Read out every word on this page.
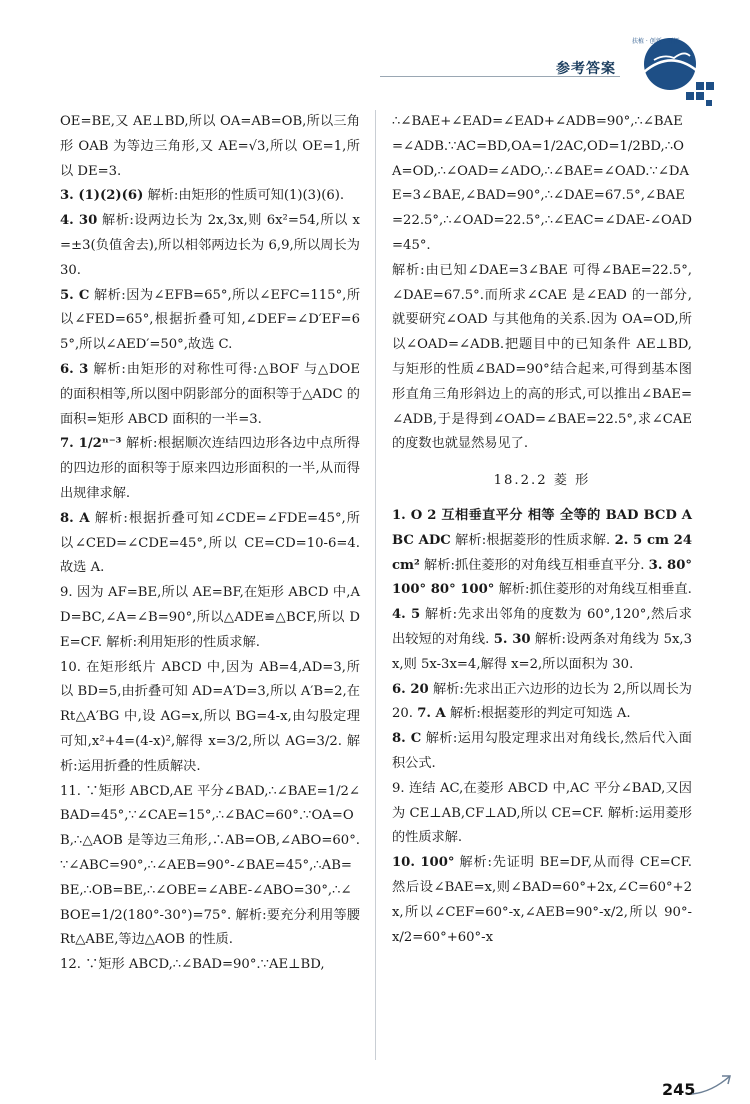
参考答案
扶植 · 创新 · 开拓

OE=BE,又 AE⊥BD,所以 OA=AB=OB,所以三角形 OAB 为等边三角形,又 AE=√3,所以 OE=1,所以 DE=3.

3. (1)(2)(6) 解析:由矩形的性质可知(1)(3)(6).

4. 30 解析:设两边长为 2x,3x,则 6x²=54,所以 x=±3(负值舍去),所以相邻两边长为 6,9,所以周长为 30.

5. C 解析:因为∠EFB=65°,所以∠EFC=115°,所以∠FED=65°,根据折叠可知,∠DEF=∠D′EF=65°,所以∠AED′=50°,故选 C.

6. 3 解析:由矩形的对称性可得:△BOF 与△DOE 的面积相等,所以图中阴影部分的面积等于△ADC 的面积=矩形 ABCD 面积的一半=3.

7. 1/2ⁿ⁻³ 解析:根据顺次连结四边形各边中点所得的四边形的面积等于原来四边形面积的一半,从而得出规律求解.

8. A 解析:根据折叠可知∠CDE=∠FDE=45°,所以∠CED=∠CDE=45°,所以 CE=CD=10-6=4.故选 A.

9. 因为 AF=BE,所以 AE=BF,在矩形 ABCD 中,AD=BC,∠A=∠B=90°,所以△ADE≌△BCF,所以 DE=CF. 解析:利用矩形的性质求解.

10. 在矩形纸片 ABCD 中,因为 AB=4,AD=3,所以 BD=5,由折叠可知 AD=A′D=3,所以 A′B=2,在 Rt△A′BG 中,设 AG=x,所以 BG=4-x,由勾股定理可知,x²+4=(4-x)²,解得 x=3/2,所以 AG=3/2. 解析:运用折叠的性质解决.

11. ∵矩形 ABCD,AE 平分∠BAD,∴∠BAE=1/2∠BAD=45°,∵∠CAE=15°,∴∠BAC=60°.∵OA=OB,∴△AOB 是等边三角形,∴AB=OB,∠ABO=60°.∵∠ABC=90°,∴∠AEB=90°-∠BAE=45°,∴AB=BE,∴OB=BE,∴∠OBE=∠ABE-∠ABO=30°,∴∠BOE=1/2(180°-30°)=75°. 解析:要充分利用等腰 Rt△ABE,等边△AOB 的性质.

12. ∵矩形 ABCD,∴∠BAD=90°.∵AE⊥BD,

∴∠BAE+∠EAD=∠EAD+∠ADB=90°,∴∠BAE=∠ADB.∵AC=BD,OA=1/2AC,OD=1/2BD,∴OA=OD,∴∠OAD=∠ADO,∴∠BAE=∠OAD.∵∠DAE=3∠BAE,∠BAD=90°,∴∠DAE=67.5°,∠BAE=22.5°,∴∠OAD=22.5°,∴∠EAC=∠DAE-∠OAD=45°.

解析:由已知∠DAE=3∠BAE 可得∠BAE=22.5°,∠DAE=67.5°.而所求∠CAE 是∠EAD 的一部分,就要研究∠OAD 与其他角的关系.因为 OA=OD,所以∠OAD=∠ADB.把题目中的已知条件 AE⊥BD,与矩形的性质∠BAD=90°结合起来,可得到基本图形直角三角形斜边上的高的形式,可以推出∠BAE=∠ADB,于是得到∠OAD=∠BAE=22.5°,求∠CAE 的度数也就显然易见了.

18.2.2 菱 形

1. O 2 互相垂直平分 相等 全等的 BAD BCD ABC ADC 解析:根据菱形的性质求解. 2. 5 cm 24 cm² 解析:抓住菱形的对角线互相垂直平分. 3. 80° 100° 80° 100° 解析:抓住菱形的对角线互相垂直.

4. 5 解析:先求出邻角的度数为 60°,120°,然后求出较短的对角线. 5. 30 解析:设两条对角线为 5x,3x,则 5x-3x=4,解得 x=2,所以面积为 30.

6. 20 解析:先求出正六边形的边长为 2,所以周长为 20. 7. A 解析:根据菱形的判定可知选 A.

8. C 解析:运用勾股定理求出对角线长,然后代入面积公式.

9. 连结 AC,在菱形 ABCD 中,AC 平分∠BAD,又因为 CE⊥AB,CF⊥AD,所以 CE=CF. 解析:运用菱形的性质求解.

10. 100° 解析:先证明 BE=DF,从而得 CE=CF.然后设∠BAE=x,则∠BAD=60°+2x,∠C=60°+2x,所以∠CEF=60°-x,∠AEB=90°-x/2,所以 90°-x/2=60°+60°-x

245
